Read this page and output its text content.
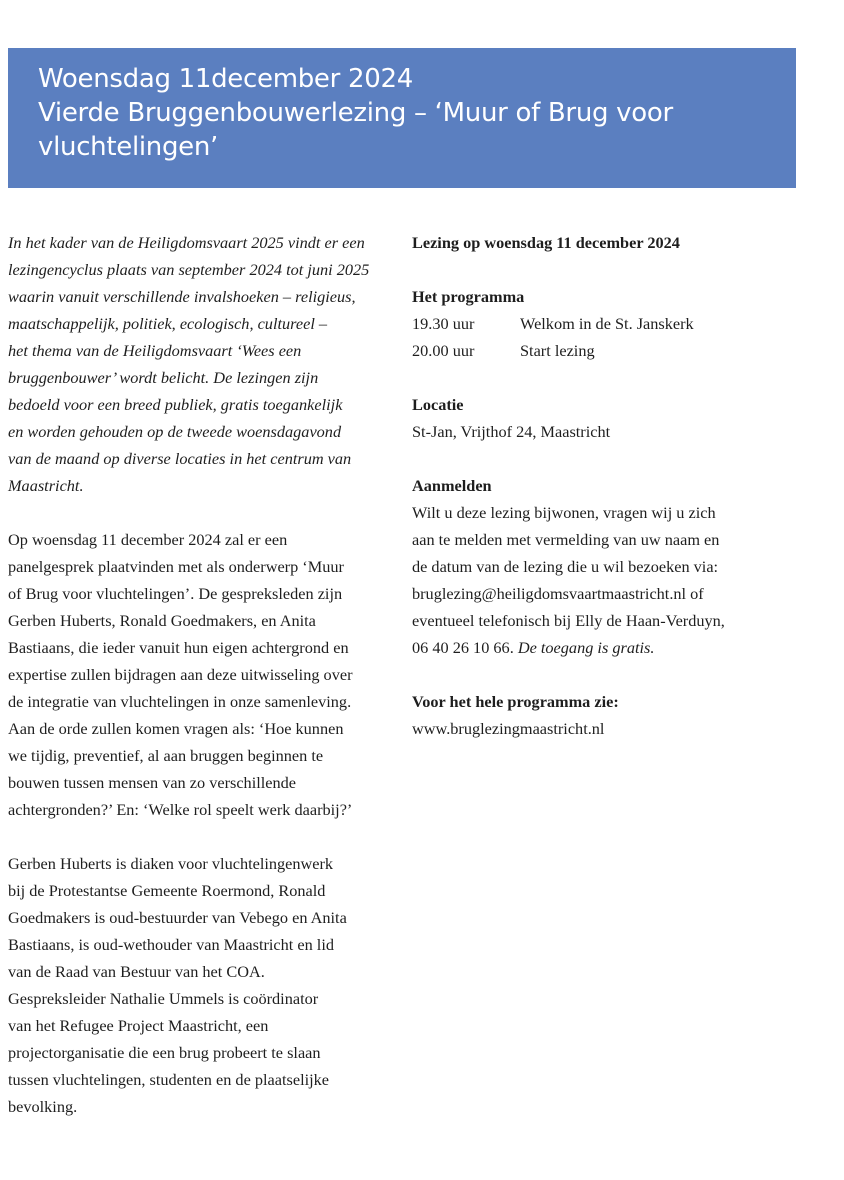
Woensdag 11december 2024
Vierde Bruggenbouwerlezing – ‘Muur of Brug voor
vluchtelingen’

In het kader van de Heiligdomsvaart 2025 vindt er een

lezingencyclus plaats van september 2024 tot juni 2025

waarin vanuit verschillende invalshoeken – religieus,

maatschappelijk, politiek, ecologisch, cultureel –

het thema van de Heiligdomsvaart ‘Wees een

bruggenbouwer’ wordt belicht. De lezingen zijn

bedoeld voor een breed publiek, gratis toegankelijk

en worden gehouden op de tweede woensdagavond

van de maand op diverse locaties in het centrum van

Maastricht.

Op woensdag 11 december 2024 zal er een

panelgesprek plaatvinden met als onderwerp ‘Muur

of Brug voor vluchtelingen’. De gespreksleden zijn

Gerben Huberts, Ronald Goedmakers, en Anita

Bastiaans, die ieder vanuit hun eigen achtergrond en

expertise zullen bijdragen aan deze uitwisseling over

de integratie van vluchtelingen in onze samenleving.

Aan de orde zullen komen vragen als: ‘Hoe kunnen

we tijdig, preventief, al aan bruggen beginnen te

bouwen tussen mensen van zo verschillende

achtergronden?’ En: ‘Welke rol speelt werk daarbij?’

Gerben Huberts is diaken voor vluchtelingenwerk

bij de Protestantse Gemeente Roermond, Ronald

Goedmakers is oud-bestuurder van Vebego en Anita

Bastiaans, is oud-wethouder van Maastricht en lid

van de Raad van Bestuur van het COA.

Gespreksleider Nathalie Ummels is coördinator

van het Refugee Project Maastricht, een

projectorganisatie die een brug probeert te slaan

tussen vluchtelingen, studenten en de plaatselijke

bevolking.

Lezing op woensdag 11 december 2024

Het programma

19.30 uur	Welkom in de St. Janskerk
20.00 uur	Start lezing

Locatie

St-Jan, Vrijthof 24, Maastricht

Aanmelden

Wilt u deze lezing bijwonen, vragen wij u zich

aan te melden met vermelding van uw naam en

de datum van de lezing die u wil bezoeken via:

bruglezing@heiligdomsvaartmaastricht.nl of

eventueel telefonisch bij Elly de Haan-Verduyn,

06 40 26 10 66. De toegang is gratis.

Voor het hele programma zie:

www.bruglezingmaastricht.nl
